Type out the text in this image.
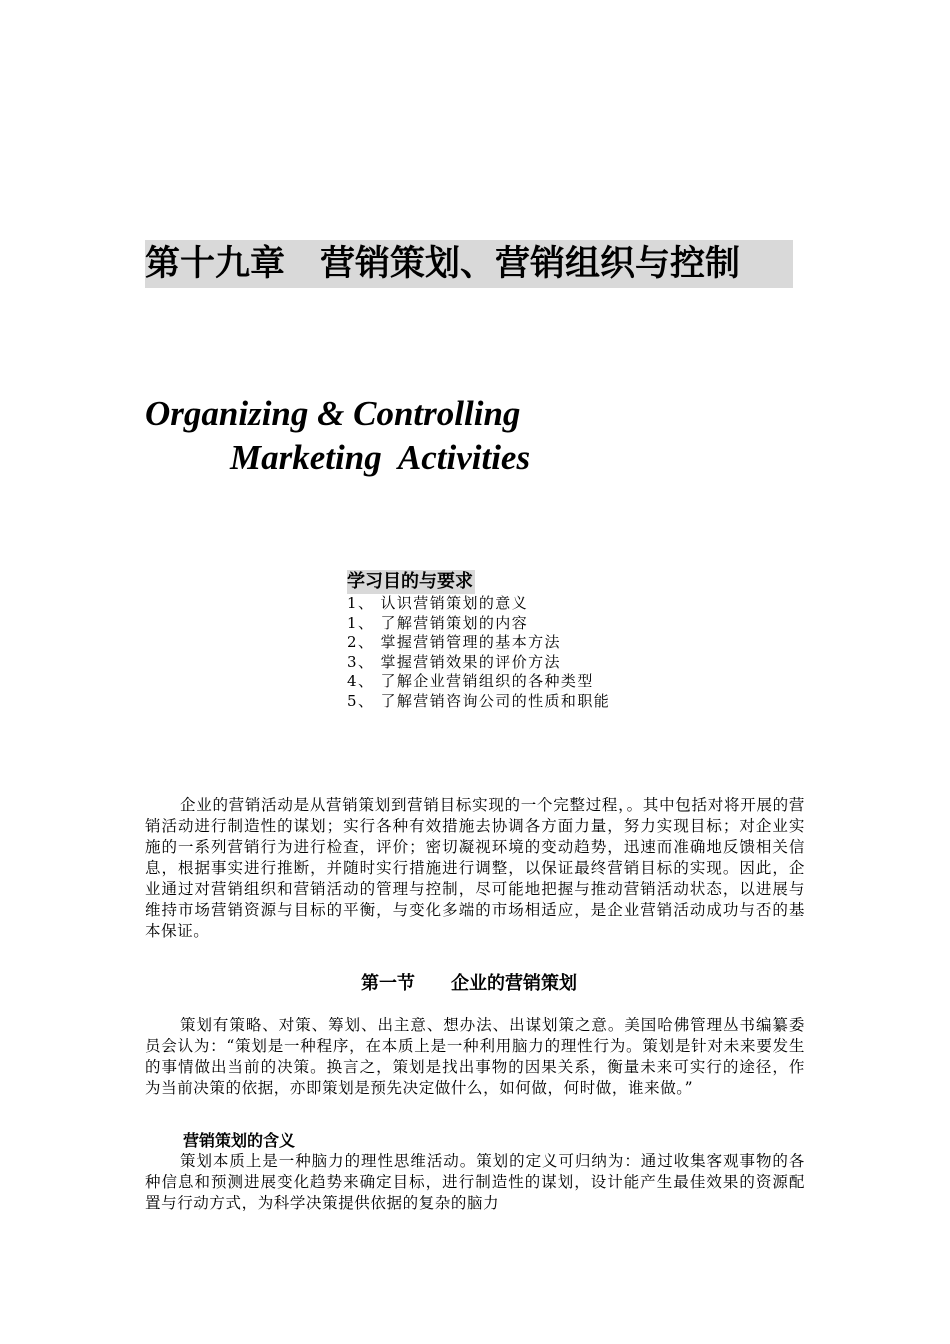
第十九章　营销策划、营销组织与控制
Organizing & Controlling
Marketing  Activities
学习目的与要求
1、 认识营销策划的意义
1、 了解营销策划的内容
2、 掌握营销管理的基本方法
3、 掌握营销效果的评价方法
4、 了解企业营销组织的各种类型
5、 了解营销咨询公司的性质和职能

企业的营销活动是从营销策划到营销目标实现的一个完整过程，。其中包括对将开展的营销活动进行制造性的谋划；实行各种有效措施去协调各方面力量，努力实现目标；对企业实施的一系列营销行为进行检查，评价；密切凝视环境的变动趋势，迅速而准确地反馈相关信息，根据事实进行推断，并随时实行措施进行调整，以保证最终营销目标的实现。因此，企业通过对营销组织和营销活动的管理与控制，尽可能地把握与推动营销活动状态，以进展与维持市场营销资源与目标的平衡，与变化多端的市场相适应，是企业营销活动成功与否的基本保证。

第一节　　企业的营销策划

策划有策略、对策、筹划、出主意、想办法、出谋划策之意。美国哈佛管理丛书编纂委员会认为：“策划是一种程序，在本质上是一种利用脑力的理性行为。策划是针对未来要发生的事情做出当前的决策。换言之，策划是找出事物的因果关系，衡量未来可实行的途径，作为当前决策的依据，亦即策划是预先决定做什么，如何做，何时做，谁来做。”

营销策划的含义

策划本质上是一种脑力的理性思维活动。策划的定义可归纳为：通过收集客观事物的各种信息和预测进展变化趋势来确定目标，进行制造性的谋划，设计能产生最佳效果的资源配置与行动方式，为科学决策提供依据的复杂的脑力
